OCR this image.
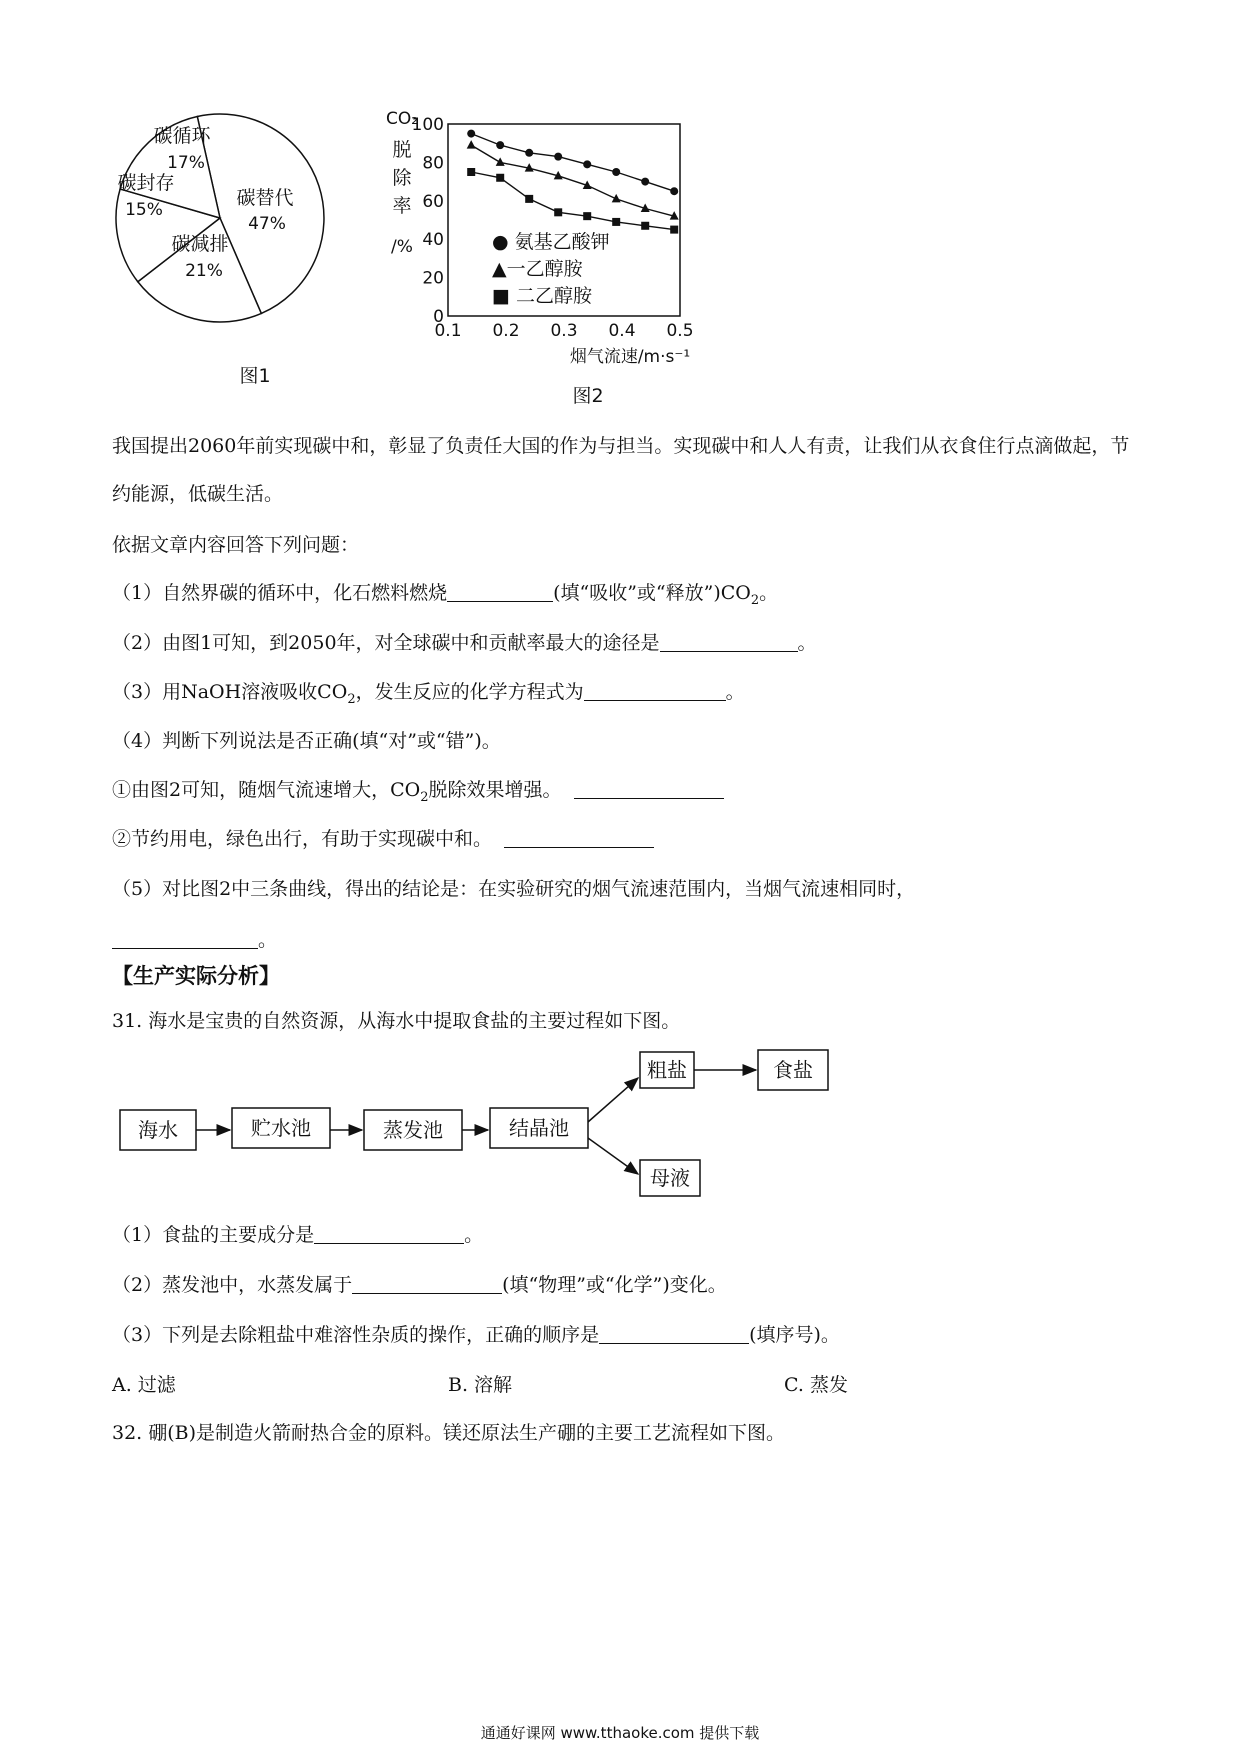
碳循环
17%
碳封存
15%
碳替代
47%
碳减排
21%
图1
CO₂
脱
除
率
/%
0
20
40
60
80
100
0.1 0.2 0.3 0.4 0.5
● 氨基乙酸钾
▲一乙醇胺
■ 二乙醇胺
烟气流速/m·s⁻¹
图2
我国提出2060年前实现碳中和，彰显了负责任大国的作为与担当。实现碳中和人人有责，让我们从衣食住行点滴做起，节约能源，低碳生活。
依据文章内容回答下列问题：
（1）自然界碳的循环中，化石燃料燃烧	(填“吸收”或“释放$”)CO_2$。
（2）由图1可知，到2050年，对全球碳中和贡献率最大的途径是	。
（3）用NaOH溶液吸收$CO_2$，发生反应的化学方程式为	。
（4）判断下列说法是否正确(填“对”或“错”)。
①由图2可知，随烟气流速增大，$CO_2$脱除效果增强。
②节约用电，绿色出行，有助于实现碳中和。
（5）对比图2中三条曲线，得出的结论是：在实验研究的烟气流速范围内，当烟气流速相同时，
。
【生产实际分析】
31. 海水是宝贵的自然资源，从海水中提取食盐的主要过程如下图。
海水	贮水池	蒸发池	结晶池
粗盐	食盐
母液
（1）食盐的主要成分是	。
（2）蒸发池中，水蒸发属于	(填“物理”或“化学”)变化。
（3）下列是去除粗盐中难溶性杂质的操作，正确的顺序是	(填序号)。
A. 过滤	B. 溶解	C. 蒸发
32. 硼(B)是制造火箭耐热合金的原料。镁还原法生产硼的主要工艺流程如下图。
通通好课网 www.tthaoke.com 提供下载
